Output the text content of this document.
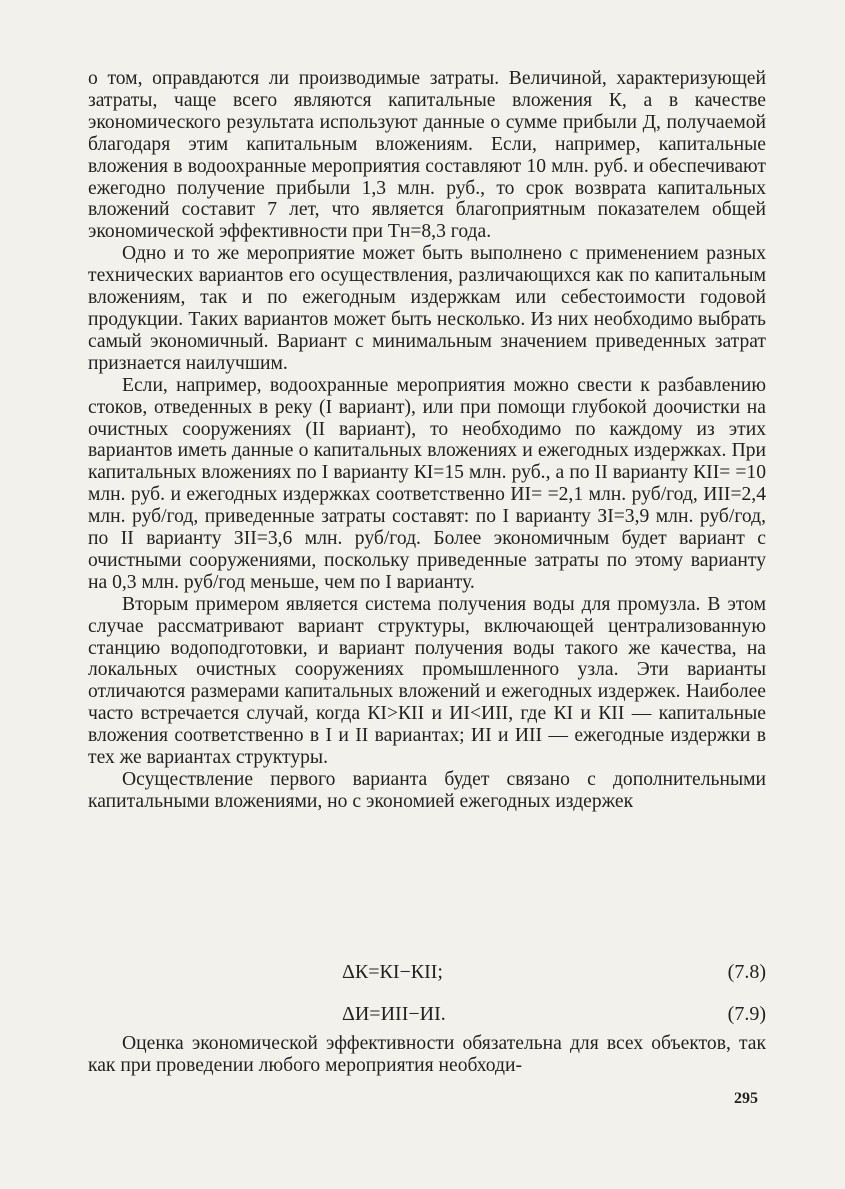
о том, оправдаются ли производимые затраты. Величиной, характеризующей затраты, чаще всего являются капитальные вложения К, а в качестве экономического результата используют данные о сумме прибыли Д, получаемой благодаря этим капитальным вложениям. Если, например, капитальные вложения в водоохранные мероприятия составляют 10 млн. руб. и обеспечивают ежегодно получение прибыли 1,3 млн. руб., то срок возврата капитальных вложений составит 7 лет, что является благоприятным показателем общей экономической эффективности при Тн=8,3 года.

Одно и то же мероприятие может быть выполнено с применением разных технических вариантов его осуществления, различающихся как по капитальным вложениям, так и по ежегодным издержкам или себестоимости годовой продукции. Таких вариантов может быть несколько. Из них необходимо выбрать самый экономичный. Вариант с минимальным значением приведенных затрат признается наилучшим.

Если, например, водоохранные мероприятия можно свести к разбавлению стоков, отведенных в реку (I вариант), или при помощи глубокой доочистки на очистных сооружениях (II вариант), то необходимо по каждому из этих вариантов иметь данные о капитальных вложениях и ежегодных издержках. При капитальных вложениях по I варианту КI=15 млн. руб., а по II варианту КII= =10 млн. руб. и ежегодных издержках соответственно ИI= =2,1 млн. руб/год, ИII=2,4 млн. руб/год, приведенные затраты составят: по I варианту ЗI=3,9 млн. руб/год, по II варианту ЗII=3,6 млн. руб/год. Более экономичным будет вариант с очистными сооружениями, поскольку приведенные затраты по этому варианту на 0,3 млн. руб/год меньше, чем по I варианту.

Вторым примером является система получения воды для промузла. В этом случае рассматривают вариант структуры, включающей централизованную станцию водоподготовки, и вариант получения воды такого же качества, на локальных очистных сооружениях промышленного узла. Эти варианты отличаются размерами капитальных вложений и ежегодных издержек. Наиболее часто встречается случай, когда КI>КII и ИI<ИII, где КI и КII — капитальные вложения соответственно в I и II вариантах; ИI и ИII — ежегодные издержки в тех же вариантах структуры.

Осуществление первого варианта будет связано с дополнительными капитальными вложениями, но с экономией ежегодных издержек

ΔК=КI−КII;	(7.8)
ΔИ=ИII−ИI.	(7.9)

Оценка экономической эффективности обязательна для всех объектов, так как при проведении любого мероприятия необходи-

295
